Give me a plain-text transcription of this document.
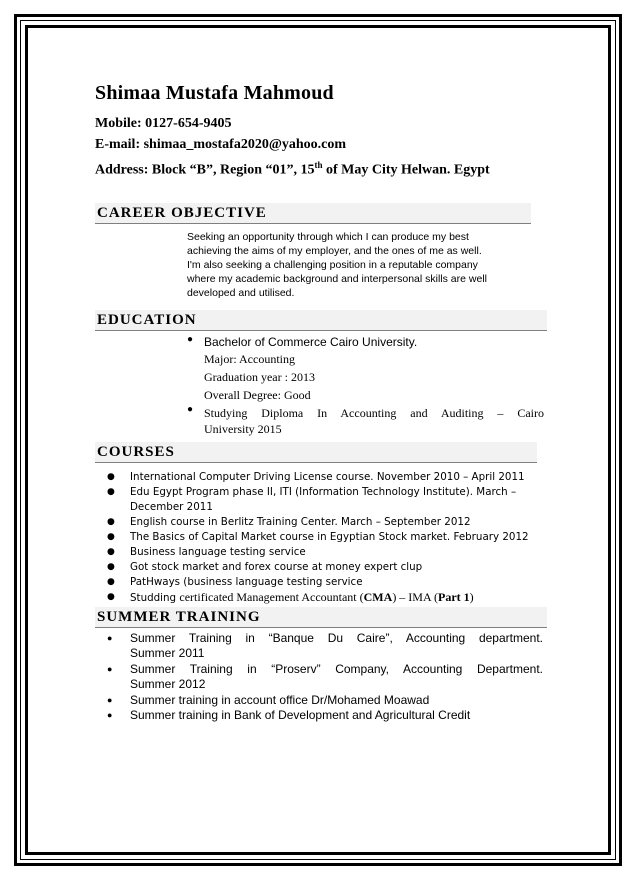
Shimaa Mustafa Mahmoud
Mobile: 0127-654-9405
E-mail: shimaa_mostafa2020@yahoo.com
Address: Block “B”, Region “01”, 15th of May City Helwan. Egypt
CAREER OBJECTIVE
Seeking an opportunity through which I can produce my best
achieving the aims of my employer, and the ones of me as well.
I'm also seeking a challenging position in a reputable company
where my academic background and interpersonal skills are well
developed and utilised.
EDUCATION
● Bachelor of Commerce Cairo University.
Major: Accounting
Graduation year : 2013
Overall Degree: Good
● Studying Diploma In Accounting and Auditing – Cairo
University 2015
COURSES
● International Computer Driving License course. November 2010 – April 2011
● Edu Egypt Program phase II, ITI (Information Technology Institute). March –
December 2011
● English course in Berlitz Training Center. March – September 2012
● The Basics of Capital Market course in Egyptian Stock market. February 2012
● Business language testing service
● Got stock market and forex course at money expert clup
● PatHways (business language testing service
● Studding certificated Management Accountant (CMA) – IMA (Part 1)
SUMMER TRAINING
● Summer Training in “Banque Du Caire”, Accounting department.
Summer 2011
● Summer Training in “Proserv” Company, Accounting Department.
Summer 2012
● Summer training in account office Dr/Mohamed Moawad
● Summer training in Bank of Development and Agricultural Credit
